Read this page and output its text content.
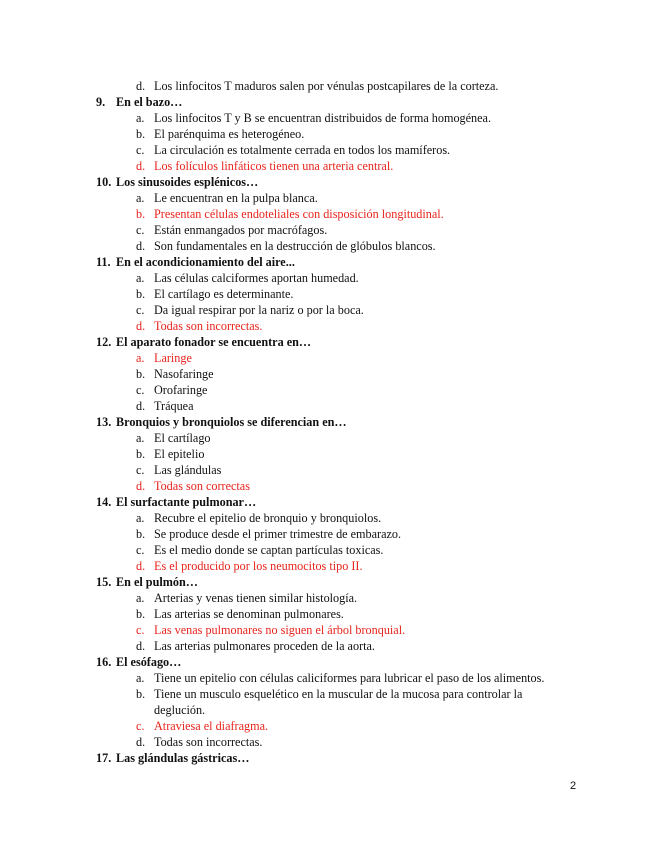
d. Los linfocitos T maduros salen por vénulas postcapilares de la corteza.
9. En el bazo…
a. Los linfocitos T y B se encuentran distribuidos de forma homogénea.
b. El parénquima es heterogéneo.
c. La circulación es totalmente cerrada en todos los mamíferos.
d. Los folículos linfáticos tienen una arteria central.
10. Los sinusoides esplénicos…
a. Le encuentran en la pulpa blanca.
b. Presentan células endoteliales con disposición longitudinal.
c. Están enmangados por macrófagos.
d. Son fundamentales en la destrucción de glóbulos blancos.
11. En el acondicionamiento del aire...
a. Las células calciformes aportan humedad.
b. El cartílago es determinante.
c. Da igual respirar por la nariz o por la boca.
d. Todas son incorrectas.
12. El aparato fonador se encuentra en…
a. Laringe
b. Nasofaringe
c. Orofaringe
d. Tráquea
13. Bronquios y bronquiolos se diferencian en…
a. El cartílago
b. El epitelio
c. Las glándulas
d. Todas son correctas
14. El surfactante pulmonar…
a. Recubre el epitelio de bronquio y bronquiolos.
b. Se produce desde el primer trimestre de embarazo.
c. Es el medio donde se captan partículas toxicas.
d. Es el producido por los neumocitos tipo II.
15. En el pulmón…
a. Arterias y venas tienen similar histología.
b. Las arterias se denominan pulmonares.
c. Las venas pulmonares no siguen el árbol bronquial.
d. Las arterias pulmonares proceden de la aorta.
16. El esófago…
a. Tiene un epitelio con células caliciformes para lubricar el paso de los alimentos.
b. Tiene un musculo esquelético en la muscular de la mucosa para controlar la
deglución.
c. Atraviesa el diafragma.
d. Todas son incorrectas.
17. Las glándulas gástricas…
2
